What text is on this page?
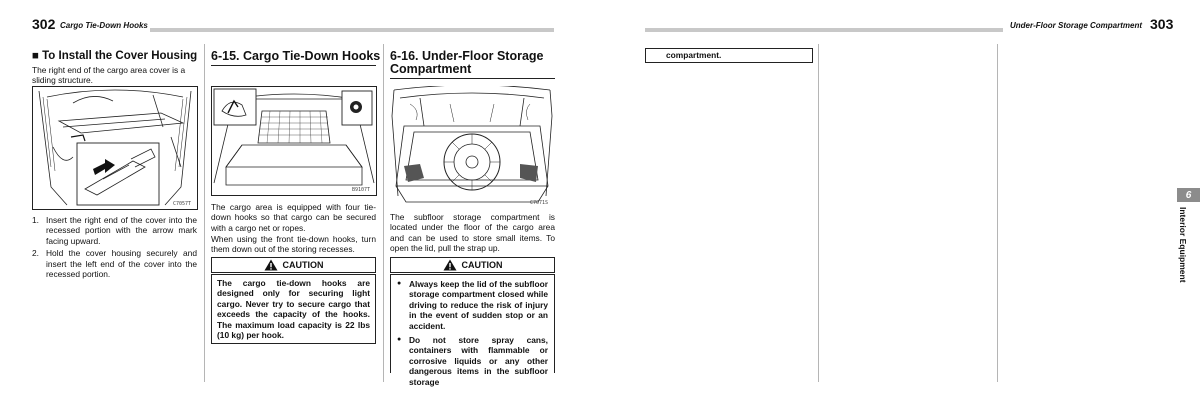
302 Cargo Tie-Down Hooks	Under-Floor Storage Compartment 303
■ To Install the Cover Housing
The right end of the cargo area cover is a sliding structure.
C7057T
1. Insert the right end of the cover into the recessed portion with the arrow mark facing upward.
2. Hold the cover housing securely and insert the left end of the cover into the recessed portion.
6-15. Cargo Tie-Down Hooks
B9107T
The cargo area is equipped with four tie-down hooks so that cargo can be secured with a cargo net or ropes.
When using the front tie-down hooks, turn them down out of the storing recesses.
CAUTION
The cargo tie-down hooks are designed only for securing light cargo. Never try to secure cargo that exceeds the capacity of the hooks. The maximum load capacity is 22 lbs (10 kg) per hook.
6-16. Under-Floor Storage
Compartment
C7071S
The subfloor storage compartment is located under the floor of the cargo area and can be used to store small items. To open the lid, pull the strap up.
CAUTION
● Always keep the lid of the subfloor storage compartment closed while driving to reduce the risk of injury in the event of sudden stop or an accident.
● Do not store spray cans, containers with flammable or corrosive liquids or any other dangerous items in the subfloor storage
compartment.
6
Interior Equipment
